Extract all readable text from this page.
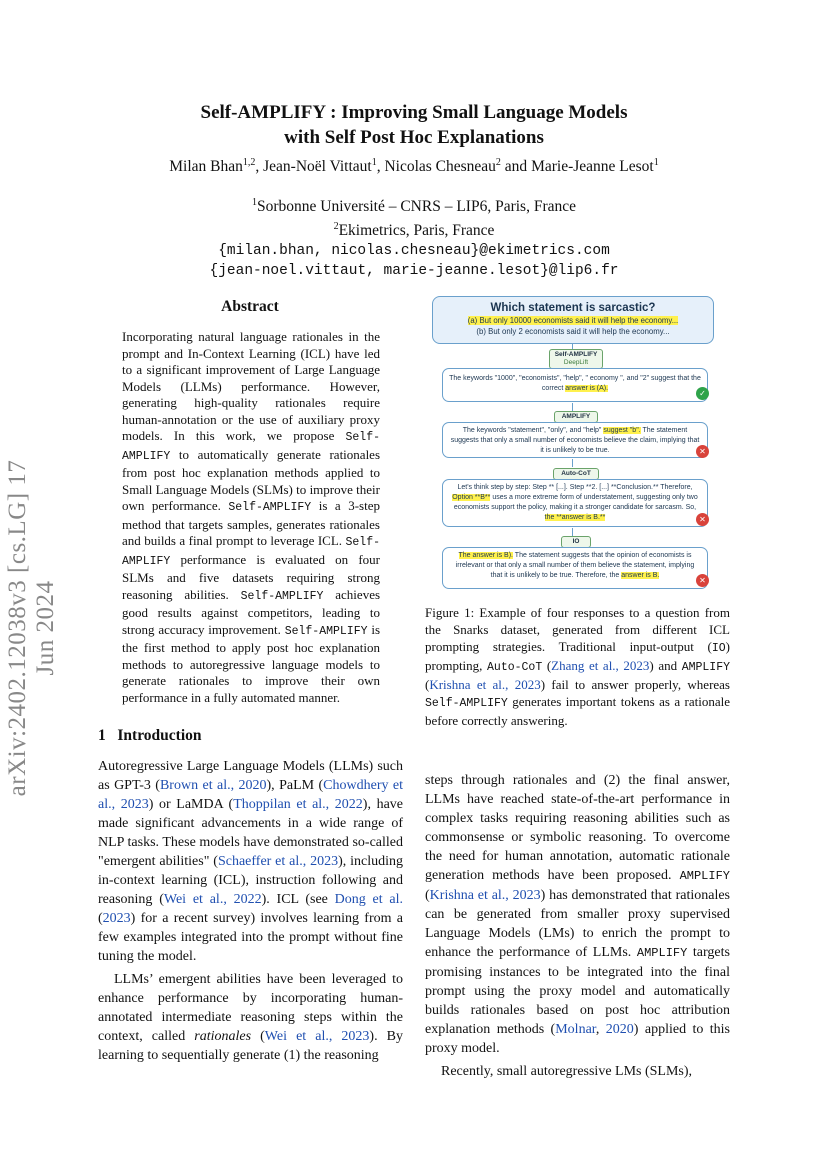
arXiv:2402.12038v3 [cs.LG] 17 Jun 2024
Self-AMPLIFY : Improving Small Language Models
with Self Post Hoc Explanations
Milan Bhan$^{1,2}$, Jean-Noël Vittaut$^1$, Nicolas Chesneau$^2$ and Marie-Jeanne Lesot$^1$
$^1$Sorbonne Université – CNRS – LIP6, Paris, France
$^2$Ekimetrics, Paris, France
{milan.bhan, nicolas.chesneau}@ekimetrics.com
{jean-noel.vittaut, marie-jeanne.lesot}@lip6.fr
Abstract
Incorporating natural language rationales in the prompt and In-Context Learning (ICL) have led to a significant improvement of Large Language Models (LLMs) performance. However, generating high-quality rationales require human-annotation or the use of auxiliary proxy models. In this work, we propose Self-AMPLIFY to automatically generate rationales from post hoc explanation methods applied to Small Language Models (SLMs) to improve their own performance. Self-AMPLIFY is a 3-step method that targets samples, generates rationales and builds a final prompt to leverage ICL. Self-AMPLIFY performance is evaluated on four SLMs and five datasets requiring strong reasoning abilities. Self-AMPLIFY achieves good results against competitors, leading to strong accuracy improvement. Self-AMPLIFY is the first method to apply post hoc explanation methods to autoregressive language models to generate rationales to improve their own performance in a fully automated manner.
Which statement is sarcastic?
(a) But only 10000 economists said it will help the economy...
(b) But only 2 economists said it will help the economy...
Self-AMPLIFY
DeepLift
The keywords "1000", "economists", "help", " economy ", and "2" suggest that the correct answer is (A).
✓
AMPLIFY
The keywords "statement", "only", and "help" suggest "b". The statement suggests that only a small number of economists believe the claim, implying that it is unlikely to be true.	✕
Auto-CoT
Let's think step by step: Step ** [...]. Step **2. [...] **Conclusion.** Therefore, Option **B** uses a more extreme form of understatement, suggesting only two economists support the policy, making it a stronger candidate for sarcasm. So, the **answer is B.**	✕
IO
The answer is B). The statement suggests that the opinion of economists is irrelevant or that only a small number of them believe the statement, implying that it is unlikely to be true. Therefore, the answer is B.
✕
Figure 1: Example of four responses to a question from the Snarks dataset, generated from different ICL prompting strategies. Traditional input-output (IO) prompting, Auto-CoT (Zhang et al., 2023) and AMPLIFY (Krishna et al., 2023) fail to answer properly, whereas Self-AMPLIFY generates important tokens as a rationale before correctly answering.
1 Introduction

Autoregressive Large Language Models (LLMs) such as GPT-3 (Brown et al., 2020), PaLM (Chowdhery et al., 2023) or LaMDA (Thoppilan et al., 2022), have made significant advancements in a wide range of NLP tasks. These models have demonstrated so-called "emergent abilities" (Schaeffer et al., 2023), including in-context learning (ICL), instruction following and reasoning (Wei et al., 2022). ICL (see Dong et al. (2023) for a recent survey) involves learning from a few examples integrated into the prompt without fine tuning the model.

LLMs’ emergent abilities have been leveraged to enhance performance by incorporating human-annotated intermediate reasoning steps within the context, called rationales (Wei et al., 2023). By learning to sequentially generate (1) the reasoning

steps through rationales and (2) the final answer, LLMs have reached state-of-the-art performance in complex tasks requiring reasoning abilities such as commonsense or symbolic reasoning. To overcome the need for human annotation, automatic rationale generation methods have been proposed. AMPLIFY (Krishna et al., 2023) has demonstrated that rationales can be generated from smaller proxy supervised Language Models (LMs) to enrich the prompt to enhance the performance of LLMs. AMPLIFY targets promising instances to be integrated into the final prompt using the proxy model and automatically builds rationales based on post hoc attribution explanation methods (Molnar, 2020) applied to this proxy model.

Recently, small autoregressive LMs (SLMs),
